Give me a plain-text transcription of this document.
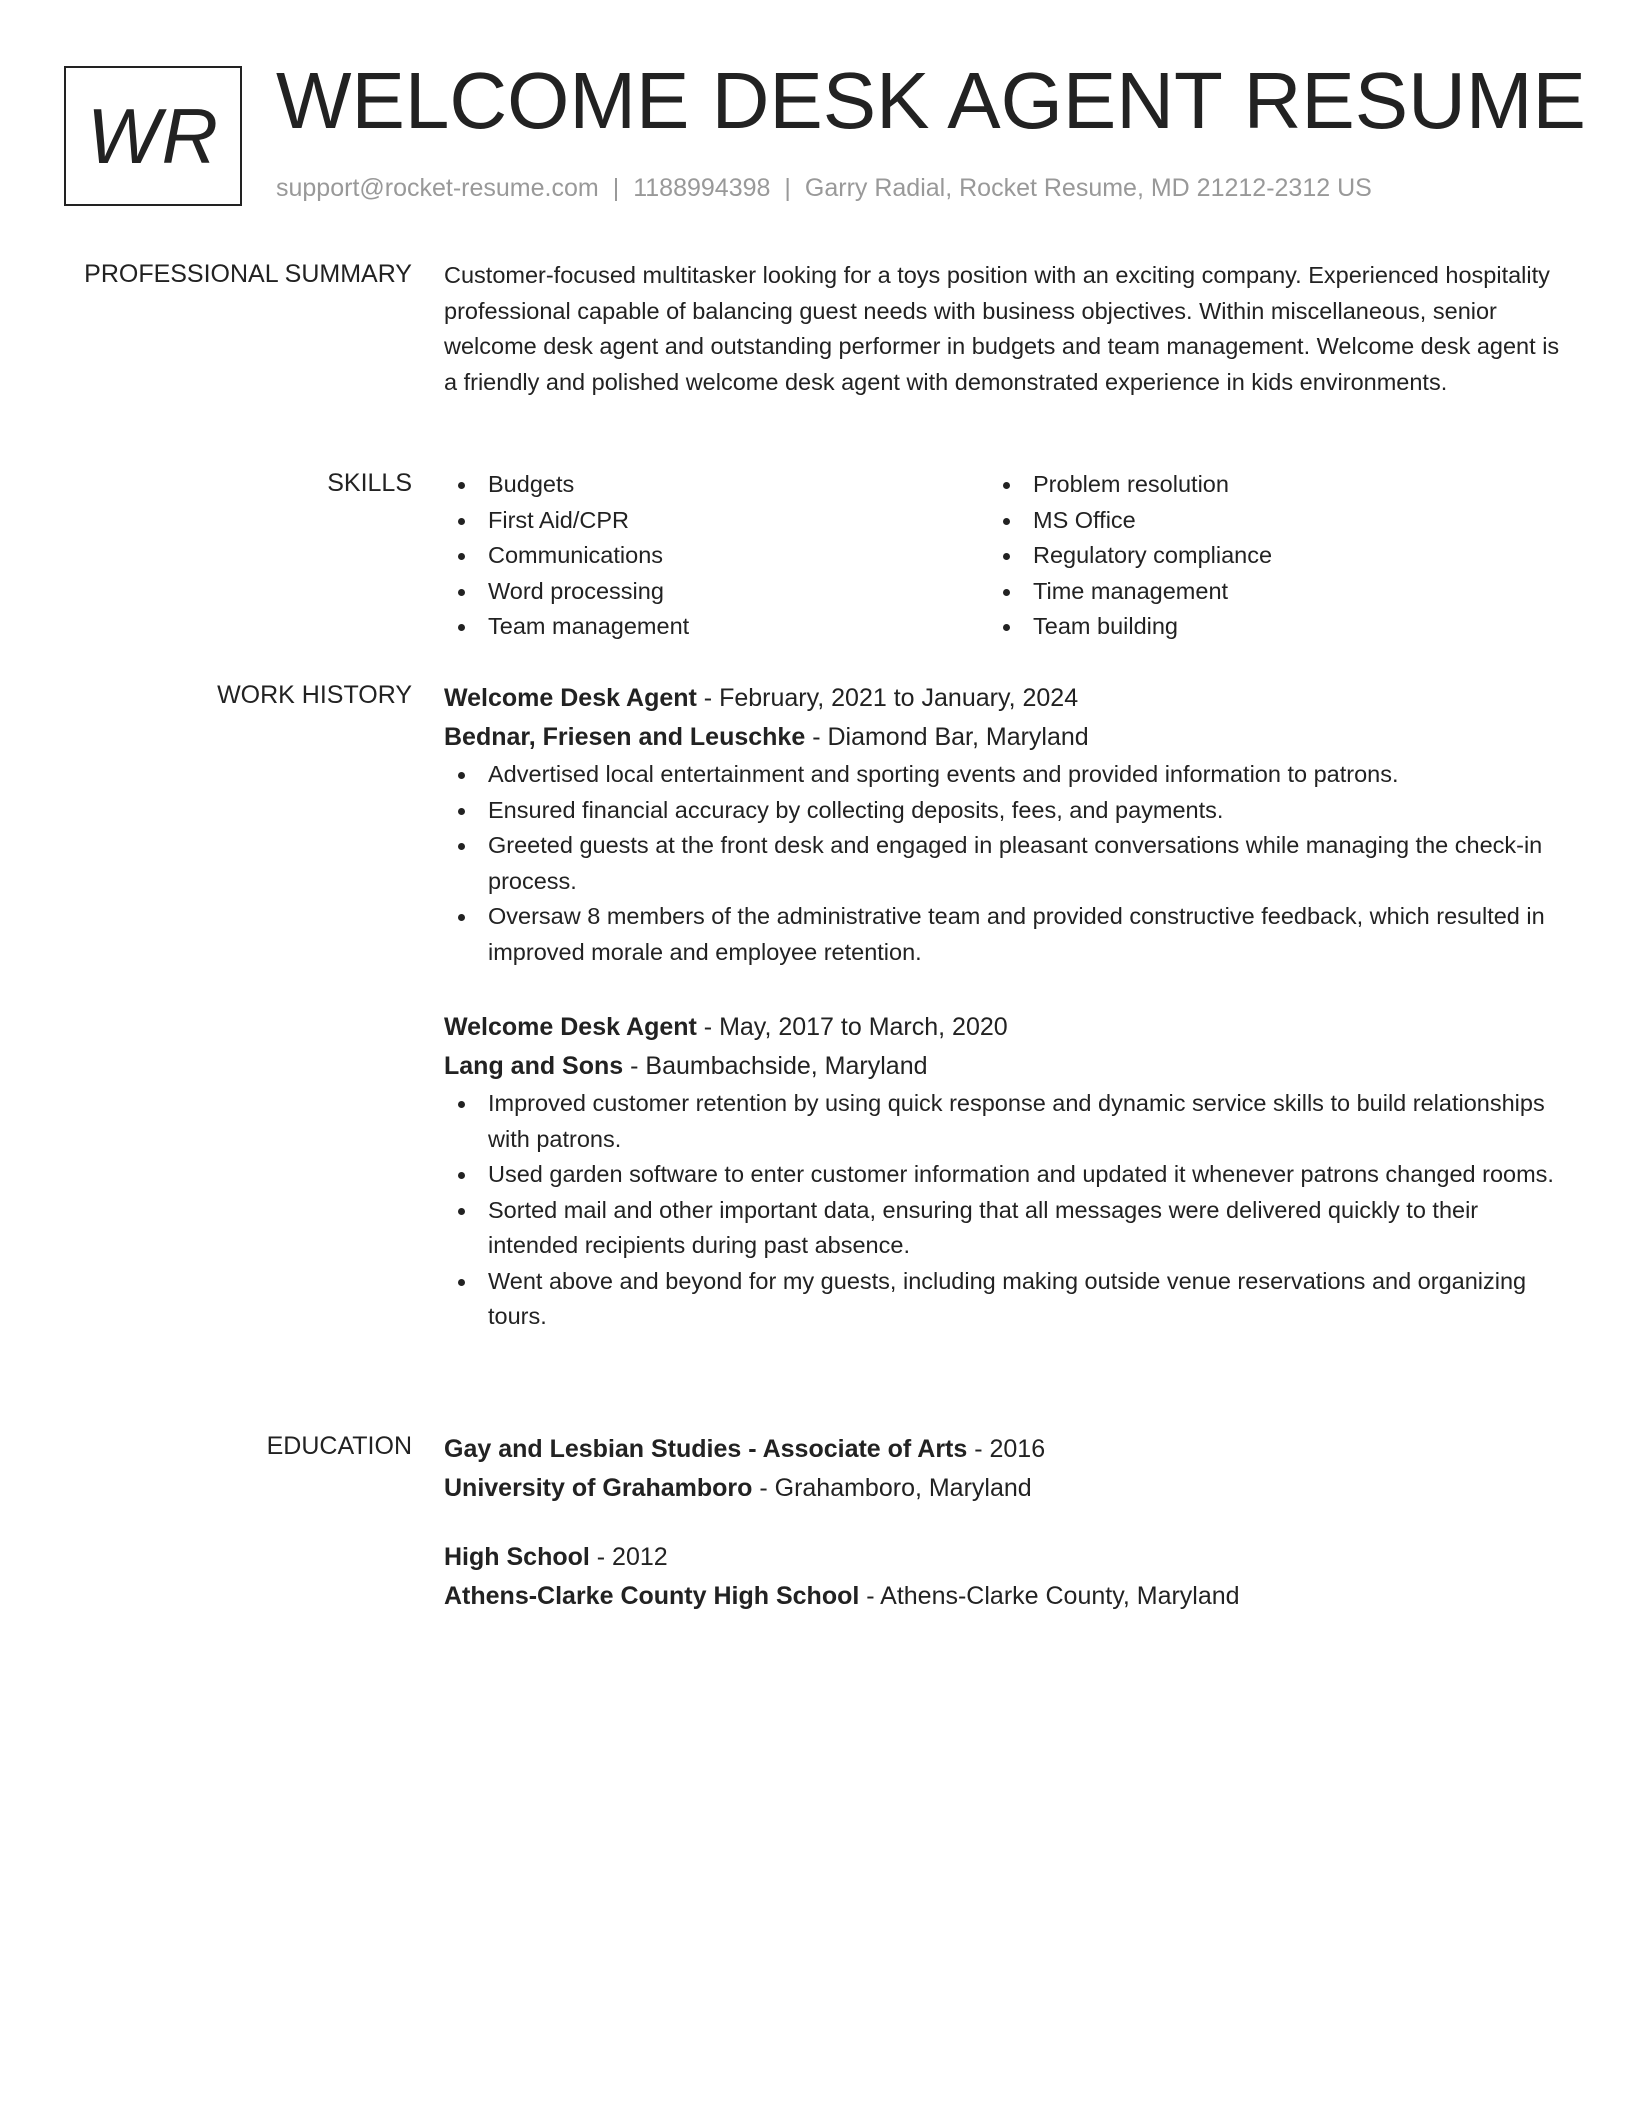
WR WELCOME DESK AGENT RESUME
support@rocket-resume.com | 1188994398 | Garry Radial, Rocket Resume, MD 21212-2312 US
PROFESSIONAL SUMMARY Customer-focused multitasker looking for a toys position with an exciting company. Experienced hospitality professional capable of balancing guest needs with business objectives. Within miscellaneous, senior welcome desk agent and outstanding performer in budgets and team management. Welcome desk agent is a friendly and polished welcome desk agent with demonstrated experience in kids environments.

SKILLS	Budgets
First Aid/CPR
Communications
Word processing
Team management
Problem resolution
MS Office
Regulatory compliance
Time management
Team building
WORK HISTORY Welcome Desk Agent - February, 2021 to January, 2024
Bednar, Friesen and Leuschke - Diamond Bar, Maryland
Advertised local entertainment and sporting events and provided information to patrons.
Ensured financial accuracy by collecting deposits, fees, and payments.
Greeted guests at the front desk and engaged in pleasant conversations while managing the check-in process.
Oversaw 8 members of the administrative team and provided constructive feedback, which resulted in improved morale and employee retention.
Welcome Desk Agent - May, 2017 to March, 2020
Lang and Sons - Baumbachside, Maryland
Improved customer retention by using quick response and dynamic service skills to build relationships with patrons.
Used garden software to enter customer information and updated it whenever patrons changed rooms.
Sorted mail and other important data, ensuring that all messages were delivered quickly to their intended recipients during past absence.
Went above and beyond for my guests, including making outside venue reservations and organizing tours.
EDUCATION Gay and Lesbian Studies - Associate of Arts - 2016
University of Grahamboro - Grahamboro, Maryland
High School - 2012
Athens-Clarke County High School - Athens-Clarke County, Maryland
